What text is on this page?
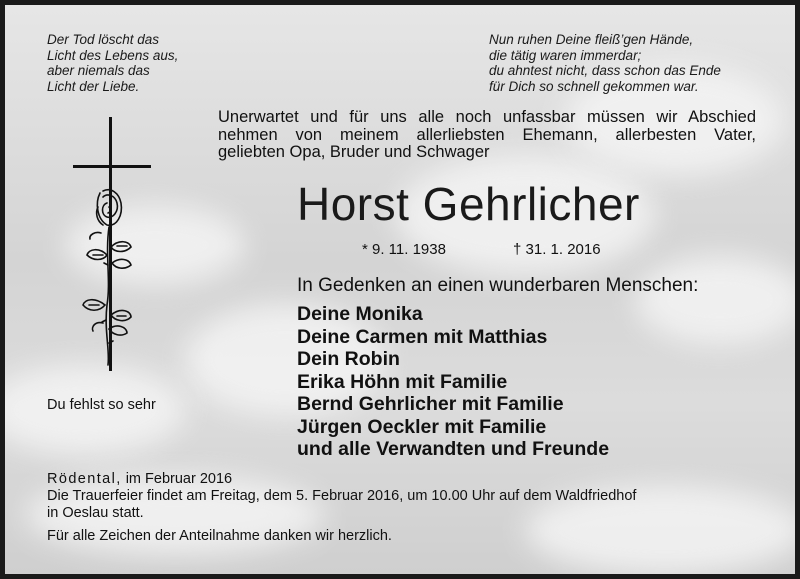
Der Tod löscht das
Licht des Lebens aus,
aber niemals das
Licht der Liebe.
Nun ruhen Deine fleiß’gen Hände,
die tätig waren immerdar;
du ahntest nicht, dass schon das Ende
für Dich so schnell gekommen war.
Unerwartet und für uns alle noch unfassbar müssen wir Abschied
nehmen von meinem allerliebsten Ehemann, allerbesten Vater,
geliebten Opa, Bruder und Schwager
Horst Gehrlicher
* 9. 11. 1938	† 31. 1. 2016
In Gedenken an einen wunderbaren Menschen:
Deine Monika
Deine Carmen mit Matthias
Dein Robin
Erika Höhn mit Familie
Bernd Gehrlicher mit Familie
Jürgen Oeckler mit Familie
und alle Verwandten und Freunde
Du fehlst so sehr
Rödental, im Februar 2016
Die Trauerfeier findet am Freitag, dem 5. Februar 2016, um 10.00 Uhr auf dem Waldfriedhof
in Oeslau statt.
Für alle Zeichen der Anteilnahme danken wir herzlich.
